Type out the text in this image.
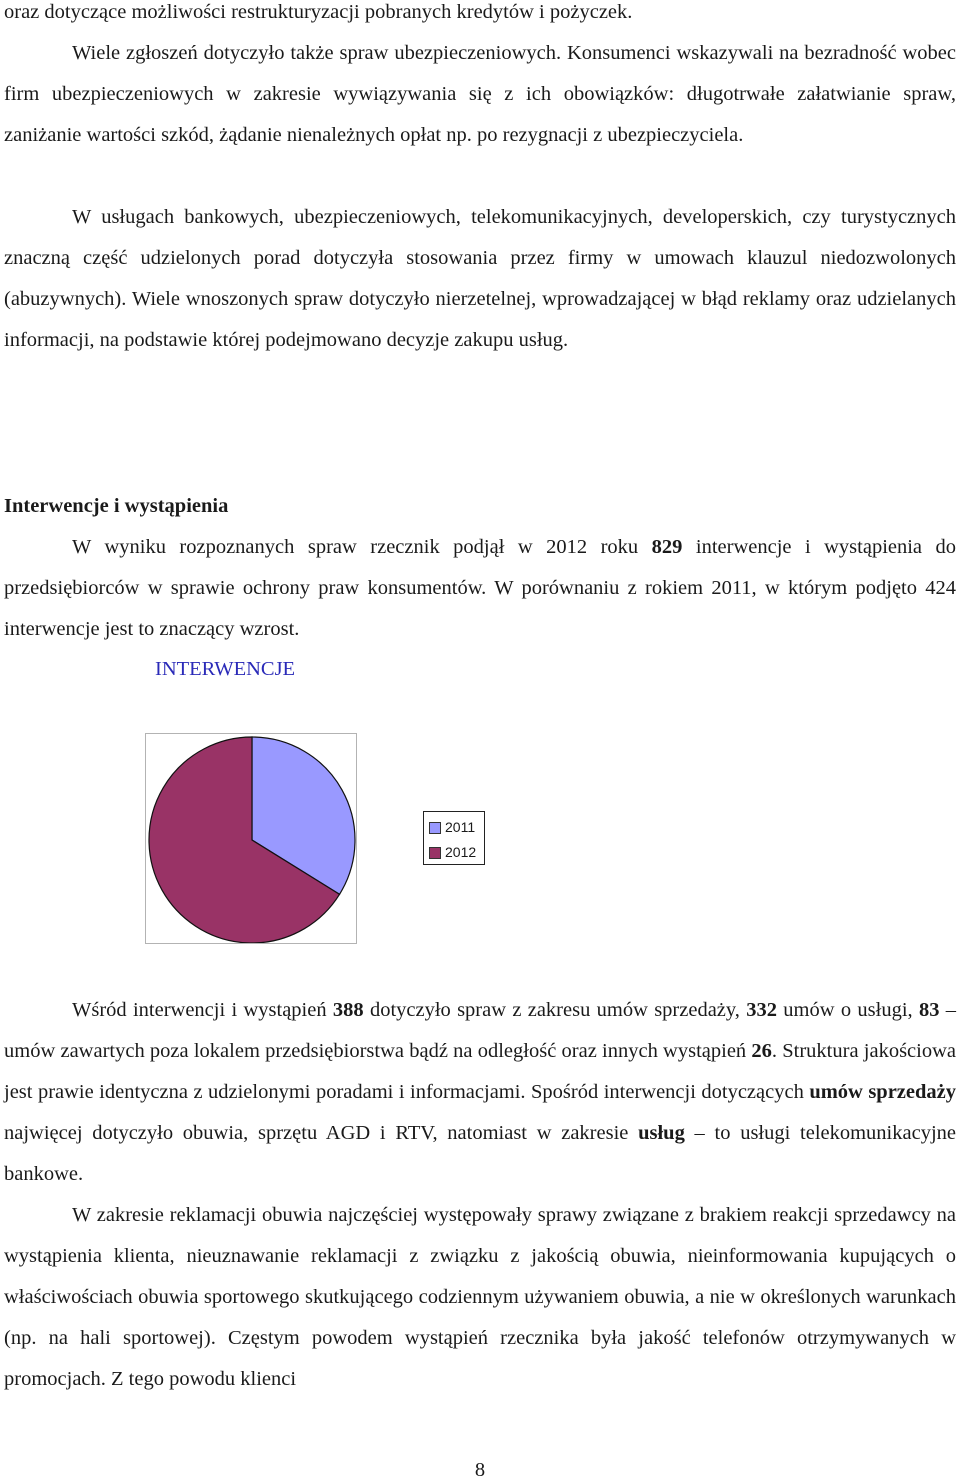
oraz dotyczące możliwości restrukturyzacji pobranych kredytów i pożyczek.

Wiele zgłoszeń dotyczyło także spraw ubezpieczeniowych. Konsumenci wskazywali na bezradność wobec firm ubezpieczeniowych w zakresie wywiązywania się z ich obowiązków: długotrwałe załatwianie spraw, zaniżanie wartości szkód, żądanie nienależnych opłat np. po rezygnacji z ubezpieczyciela.

W usługach bankowych, ubezpieczeniowych, telekomunikacyjnych, developerskich, czy turystycznych znaczną część udzielonych porad dotyczyła stosowania przez firmy w umowach klauzul niedozwolonych (abuzywnych). Wiele wnoszonych spraw dotyczyło nierzetelnej, wprowadzającej w błąd reklamy oraz udzielanych informacji, na podstawie której podejmowano decyzje zakupu usług.

Interwencje i wystąpienia

W wyniku rozpoznanych spraw rzecznik podjął w 2012 roku 829 interwencje i wystąpienia do przedsiębiorców w sprawie ochrony praw konsumentów. W porównaniu z rokiem 2011, w którym podjęto 424 interwencje jest to znaczący wzrost.

INTERWENCJE
2011
2012

Wśród interwencji i wystąpień 388 dotyczyło spraw z zakresu umów sprzedaży, 332 umów o usługi, 83 – umów zawartych poza lokalem przedsiębiorstwa bądź na odległość oraz innych wystąpień 26. Struktura jakościowa jest prawie identyczna z udzielonymi poradami i informacjami. Spośród interwencji dotyczących umów sprzedaży najwięcej dotyczyło obuwia, sprzętu AGD i RTV, natomiast w zakresie usług – to usługi telekomunikacyjne bankowe.

W zakresie reklamacji obuwia najczęściej występowały sprawy związane z brakiem reakcji sprzedawcy na wystąpienia klienta, nieuznawanie reklamacji z związku z jakością obuwia, nieinformowania kupujących o właściwościach obuwia sportowego skutkującego codziennym używaniem obuwia, a nie w określonych warunkach (np. na hali sportowej). Częstym powodem wystąpień rzecznika była jakość telefonów otrzymywanych w promocjach. Z tego powodu klienci

8
